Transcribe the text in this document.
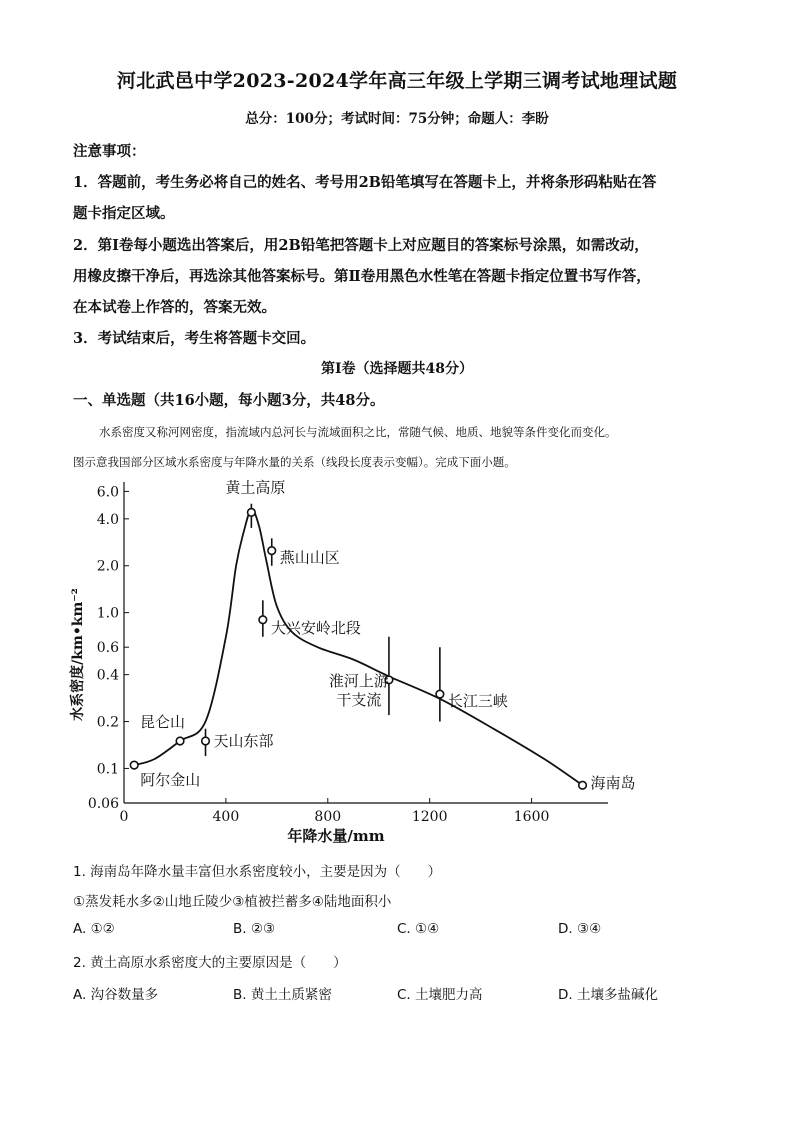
河北武邑中学2023-2024学年高三年级上学期三调考试地理试题
总分：100分；考试时间：75分钟；命题人：李盼
注意事项：
1．答题前，考生务必将自己的姓名、考号用2B铅笔填写在答题卡上，并将条形码粘贴在答
题卡指定区域。
2．第Ⅰ卷每小题选出答案后，用2B铅笔把答题卡上对应题目的答案标号涂黑，如需改动，
用橡皮擦干净后，再选涂其他答案标号。第Ⅱ卷用黑色水性笔在答题卡指定位置书写作答，
在本试卷上作答的，答案无效。
3．考试结束后，考生将答题卡交回。
第Ⅰ卷（选择题共48分）
一、单选题（共16小题，每小题3分，共48分。
水系密度又称河网密度，指流域内总河长与流域面积之比，常随气候、地质、地貌等条件变化而变化。
图示意我国部分区域水系密度与年降水量的关系（线段长度表示变幅）。完成下面小题。
0.06
0.1
0.2
0.4
0.6
1.0
2.0
4.0
6.0
0	400	800	1200	1600
年降水量/mm
水系密度/km•km⁻²
阿尔金山
昆仑山
天山东部
黄土高原
燕山山区
大兴安岭北段
淮河上游
干支流	长江三峡
海南岛
1. 海南岛年降水量丰富但水系密度较小，主要是因为（　　）
①蒸发耗水多②山地丘陵少③植被拦蓄多④陆地面积小
A. ①②	B. ②③	C. ①④	D. ③④
2. 黄土高原水系密度大的主要原因是（　　）
A. 沟谷数量多	B. 黄土土质紧密	C. 土壤肥力高	D. 土壤多盐碱化
